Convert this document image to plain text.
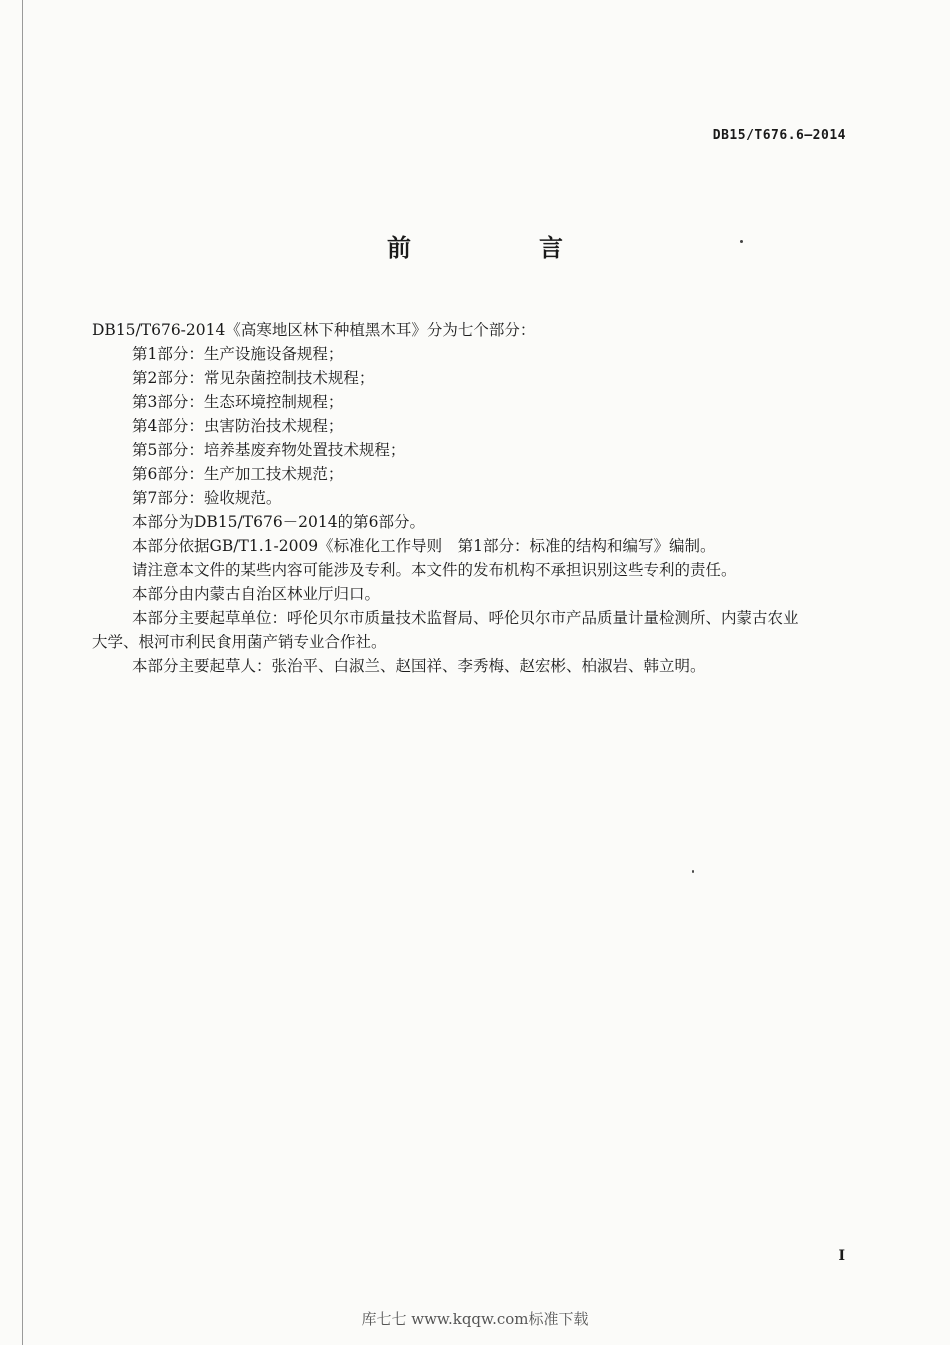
DB15/T676.6—2014
前　言

DB15/T676-2014《高寒地区林下种植黑木耳》分为七个部分：

第1部分：生产设施设备规程；

第2部分：常见杂菌控制技术规程；

第3部分：生态环境控制规程；

第4部分：虫害防治技术规程；

第5部分：培养基废弃物处置技术规程；

第6部分：生产加工技术规范；

第7部分：验收规范。

本部分为DB15/T676－2014的第6部分。

本部分依据GB/T1.1-2009《标准化工作导则　第1部分：标准的结构和编写》编制。

请注意本文件的某些内容可能涉及专利。本文件的发布机构不承担识别这些专利的责任。

本部分由内蒙古自治区林业厅归口。

本部分主要起草单位：呼伦贝尔市质量技术监督局、呼伦贝尔市产品质量计量检测所、内蒙古农业大学、根河市利民食用菌产销专业合作社。

本部分主要起草人：张治平、白淑兰、赵国祥、李秀梅、赵宏彬、柏淑岩、韩立明。

I
库七七 www.kqqw.com标准下载
